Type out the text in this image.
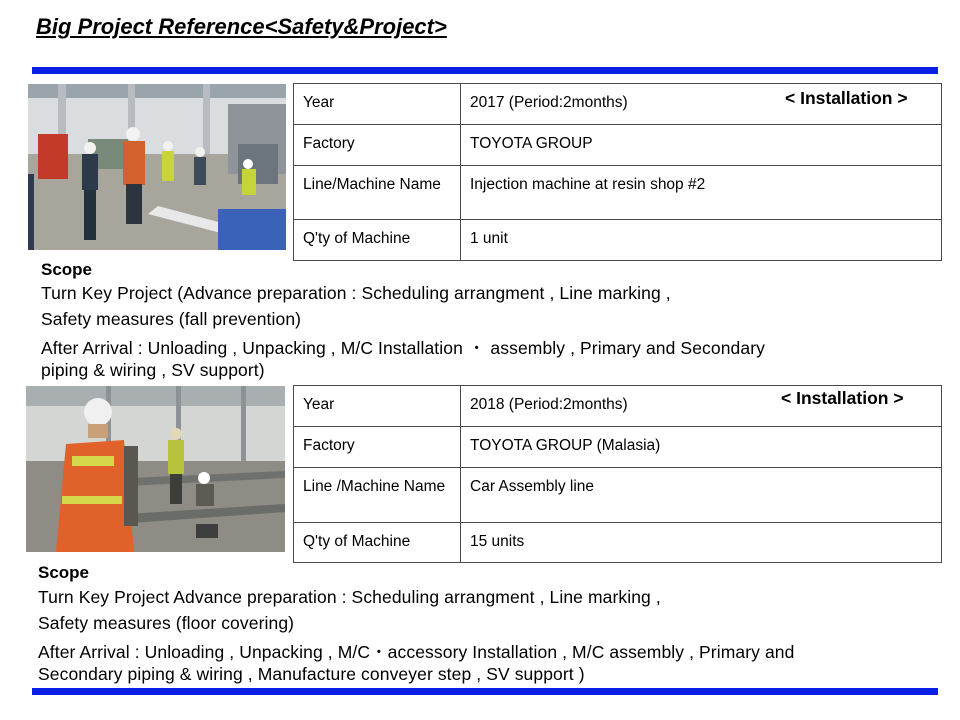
Big Project Reference<Safety&Project>
Year	2017 (Period:2months)
Factory	TOYOTA GROUP
Line/Machine Name	Injection machine at resin shop #2
Q'ty of Machine	1 unit
< Installation >
Scope
Turn Key Project (Advance preparation : Scheduling arrangment , Line marking ,
Safety measures (fall prevention)
After Arrival : Unloading , Unpacking , M/C Installation ・ assembly , Primary and Secondary
piping & wiring , SV support)
Year	2018 (Period:2months)
Factory	TOYOTA GROUP (Malasia)
Line /Machine Name	Car Assembly line
Q'ty of Machine	15 units
< Installation >
Scope
Turn Key Project Advance preparation : Scheduling arrangment , Line marking ,
Safety measures (floor covering)
After Arrival : Unloading , Unpacking , M/C・accessory Installation , M/C assembly , Primary and
Secondary piping & wiring , Manufacture conveyer step , SV support )
